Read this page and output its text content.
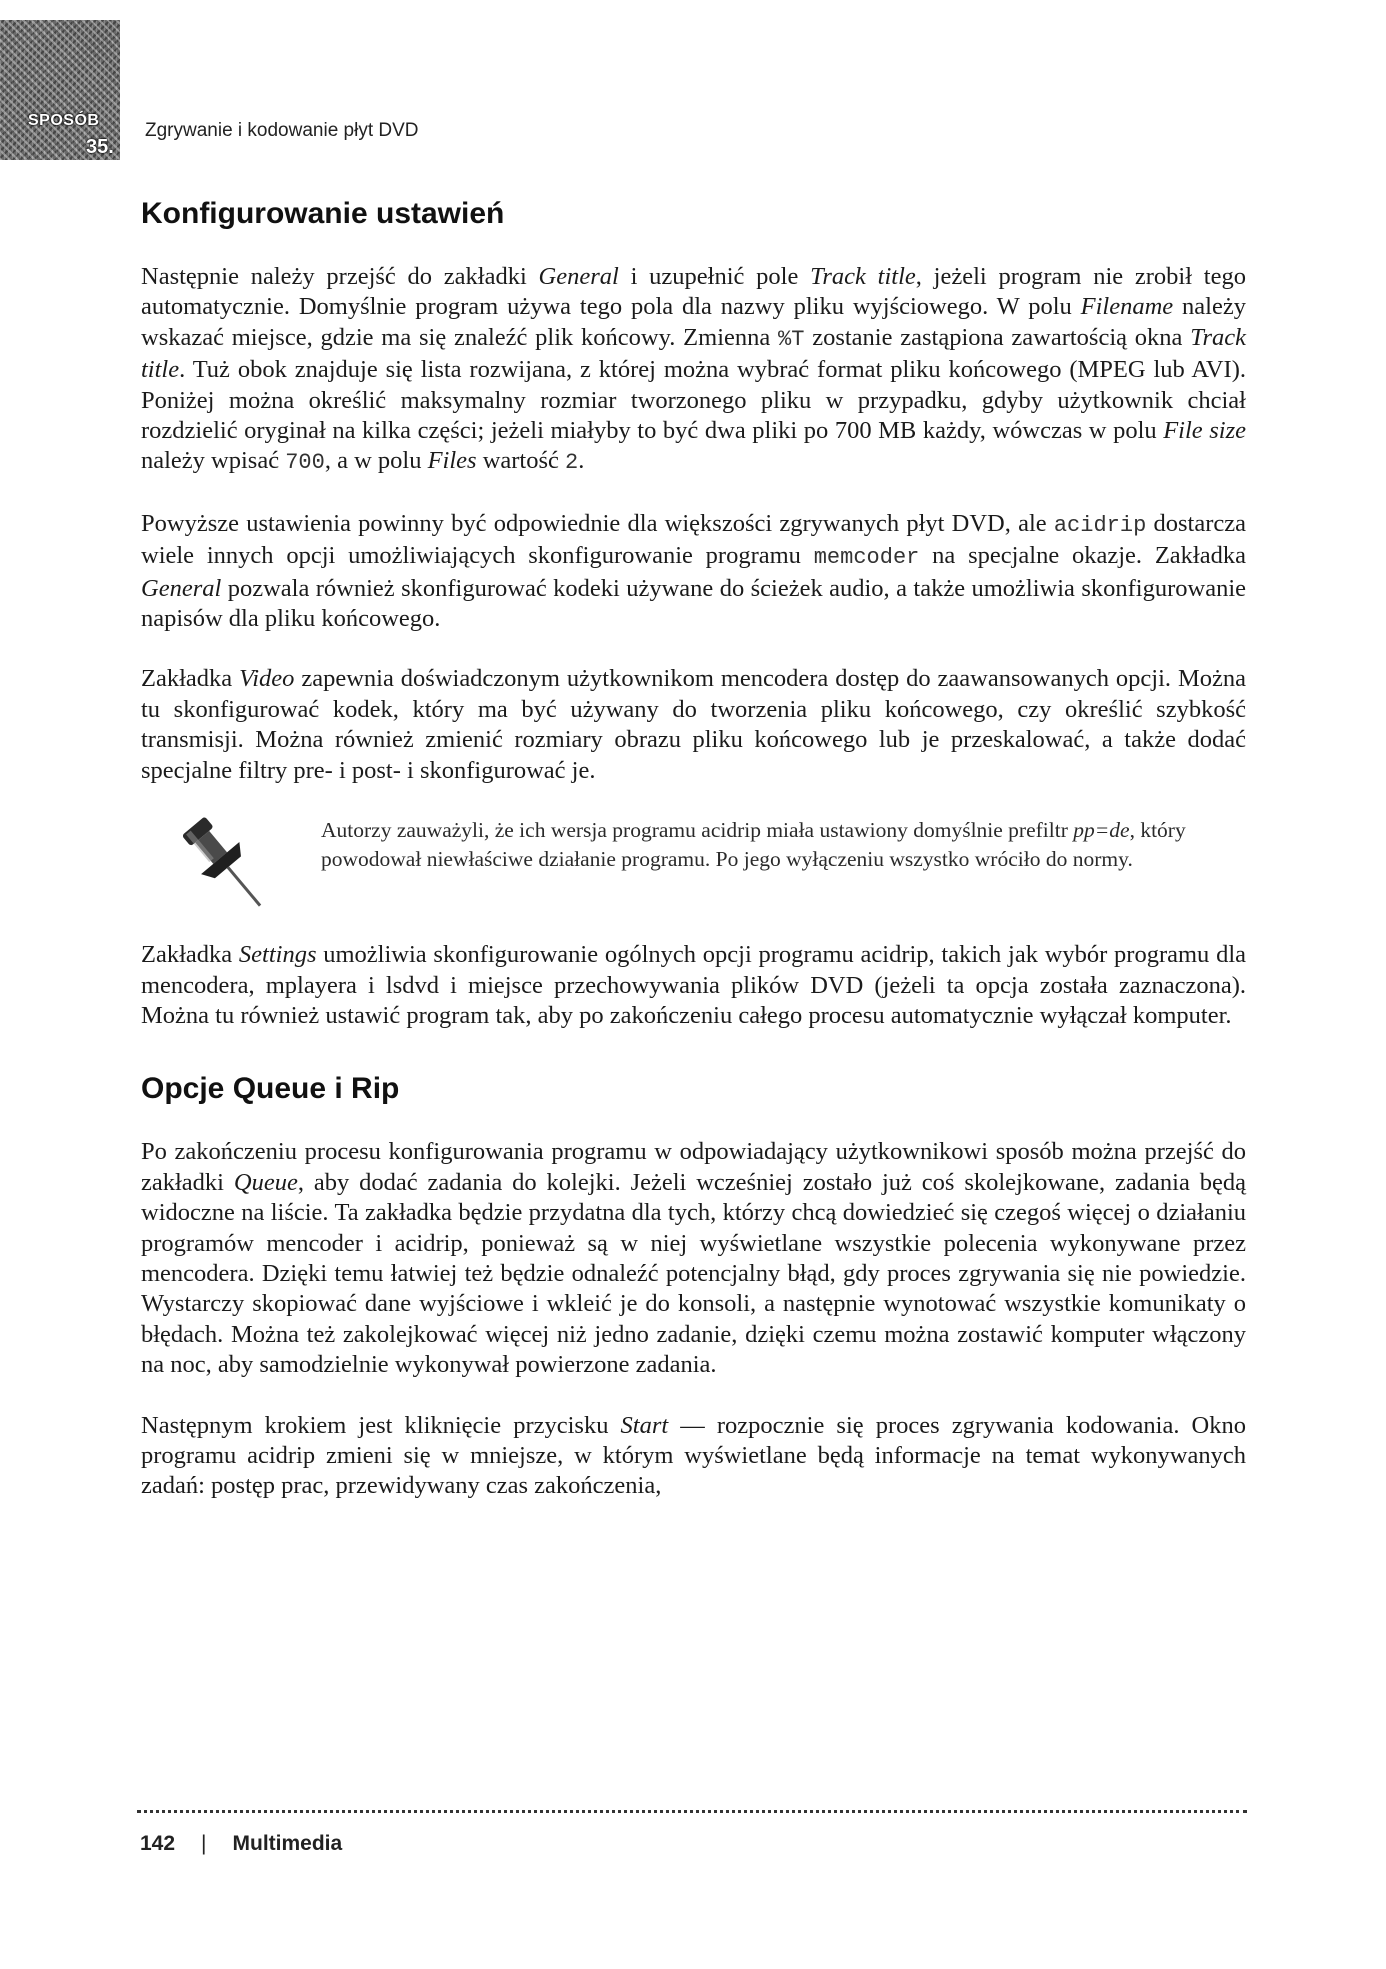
SPOSÓB
35.
Zgrywanie i kodowanie płyt DVD
Konfigurowanie ustawień

Następnie należy przejść do zakładki General i uzupełnić pole Track title, jeżeli program nie zrobił tego automatycznie. Domyślnie program używa tego pola dla nazwy pliku wyjściowego. W polu Filename należy wskazać miejsce, gdzie ma się znaleźć plik końcowy. Zmienna %T zostanie zastąpiona zawartością okna Track title. Tuż obok znajduje się lista rozwijana, z której można wybrać format pliku końcowego (MPEG lub AVI). Poniżej można określić maksymalny rozmiar tworzonego pliku w przypadku, gdyby użytkownik chciał rozdzielić oryginał na kilka części; jeżeli miałyby to być dwa pliki po 700 MB każdy, wówczas w polu File size należy wpisać 700, a w polu Files wartość 2.

Powyższe ustawienia powinny być odpowiednie dla większości zgrywanych płyt DVD, ale acidrip dostarcza wiele innych opcji umożliwiających skonfigurowanie programu memcoder na specjalne okazje. Zakładka General pozwala również skonfigurować kodeki używane do ścieżek audio, a także umożliwia skonfigurowanie napisów dla pliku końcowego.

Zakładka Video zapewnia doświadczonym użytkownikom mencodera dostęp do zaawansowanych opcji. Można tu skonfigurować kodek, który ma być używany do tworzenia pliku końcowego, czy określić szybkość transmisji. Można również zmienić rozmiary obrazu pliku końcowego lub je przeskalować, a także dodać specjalne filtry pre- i post- i skonfigurować je.

Autorzy zauważyli, że ich wersja programu acidrip miała ustawiony domyślnie prefiltr pp=de, który powodował niewłaściwe działanie programu. Po jego wyłączeniu wszystko wróciło do normy.

Zakładka Settings umożliwia skonfigurowanie ogólnych opcji programu acidrip, takich jak wybór programu dla mencodera, mplayera i lsdvd i miejsce przechowywania plików DVD (jeżeli ta opcja została zaznaczona). Można tu również ustawić program tak, aby po zakończeniu całego procesu automatycznie wyłączał komputer.

Opcje Queue i Rip

Po zakończeniu procesu konfigurowania programu w odpowiadający użytkownikowi sposób można przejść do zakładki Queue, aby dodać zadania do kolejki. Jeżeli wcześniej zostało już coś skolejkowane, zadania będą widoczne na liście. Ta zakładka będzie przydatna dla tych, którzy chcą dowiedzieć się czegoś więcej o działaniu programów mencoder i acidrip, ponieważ są w niej wyświetlane wszystkie polecenia wykonywane przez mencodera. Dzięki temu łatwiej też będzie odnaleźć potencjalny błąd, gdy proces zgrywania się nie powiedzie. Wystarczy skopiować dane wyjściowe i wkleić je do konsoli, a następnie wynotować wszystkie komunikaty o błędach. Można też zakolejkować więcej niż jedno zadanie, dzięki czemu można zostawić komputer włączony na noc, aby samodzielnie wykonywał powierzone zadania.

Następnym krokiem jest kliknięcie przycisku Start — rozpocznie się proces zgrywania kodowania. Okno programu acidrip zmieni się w mniejsze, w którym wyświetlane będą informacje na temat wykonywanych zadań: postęp prac, przewidywany czas zakończenia,

142 | Multimedia
